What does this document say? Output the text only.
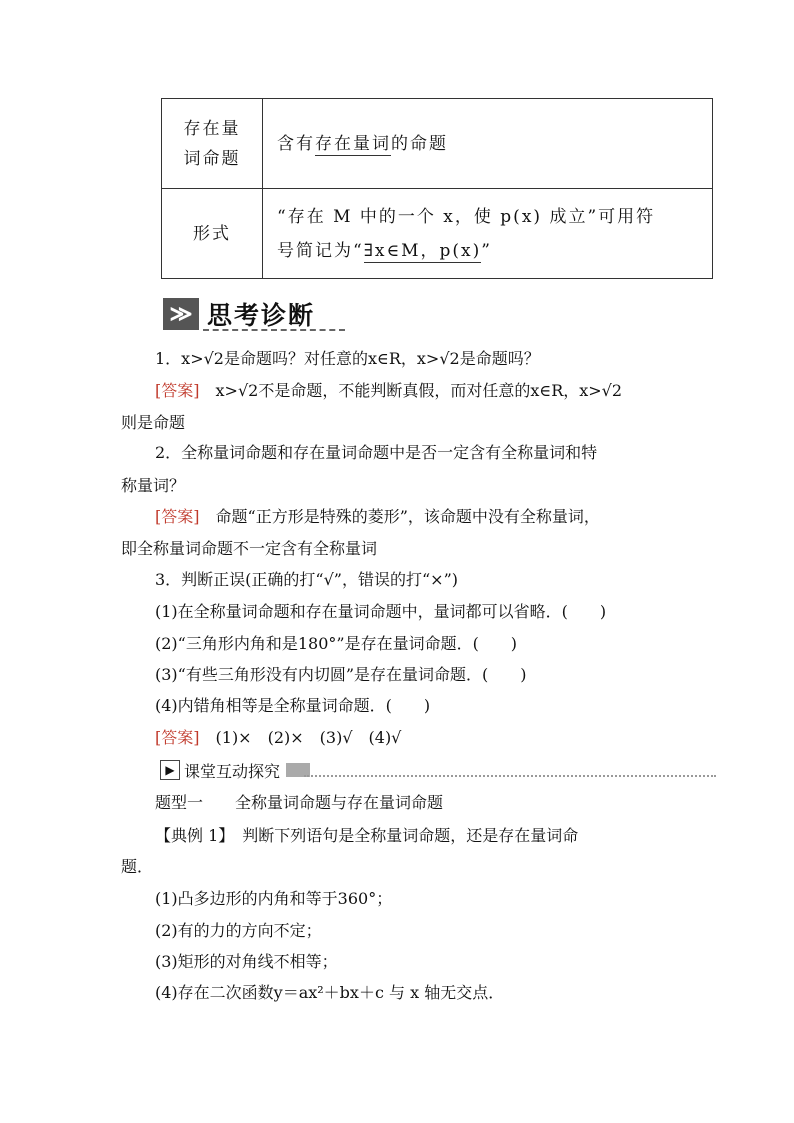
存在量
词命题	含有存在量词的命题
形式	“存在 M 中的一个 x，使 p(x) 成立”可用符
号简记为“∃x∈M，p(x)”
≫ 思考诊断
1．x>√2是命题吗？对任意的x∈R，x>√2是命题吗？
[答案]　 x>√2不是命题，不能判断真假，而对任意的x∈R，x>√2
则是命题
2．全称量词命题和存在量词命题中是否一定含有全称量词和特
称量词？
[答案]　 命题“正方形是特殊的菱形”，该命题中没有全称量词，
即全称量词命题不一定含有全称量词
3．判断正误(正确的打“√”，错误的打“×”)
(1)在全称量词命题和存在量词命题中，量词都可以省略．(　　)
(2)“三角形内角和是180°”是存在量词命题．(　　)
(3)“有些三角形没有内切圆”是存在量词命题．(　　)
(4)内错角相等是全称量词命题．(　　)
[答案]　 (1)×　(2)×　(3)√　(4)√
▶ 课堂互动探究
题型一　　全称量词命题与存在量词命题
【典例 1】　判断下列语句是全称量词命题，还是存在量词命
题．
(1)凸多边形的内角和等于360°；
(2)有的力的方向不定；
(3)矩形的对角线不相等；
(4)存在二次函数y＝ax²＋bx＋c 与 x 轴无交点．
